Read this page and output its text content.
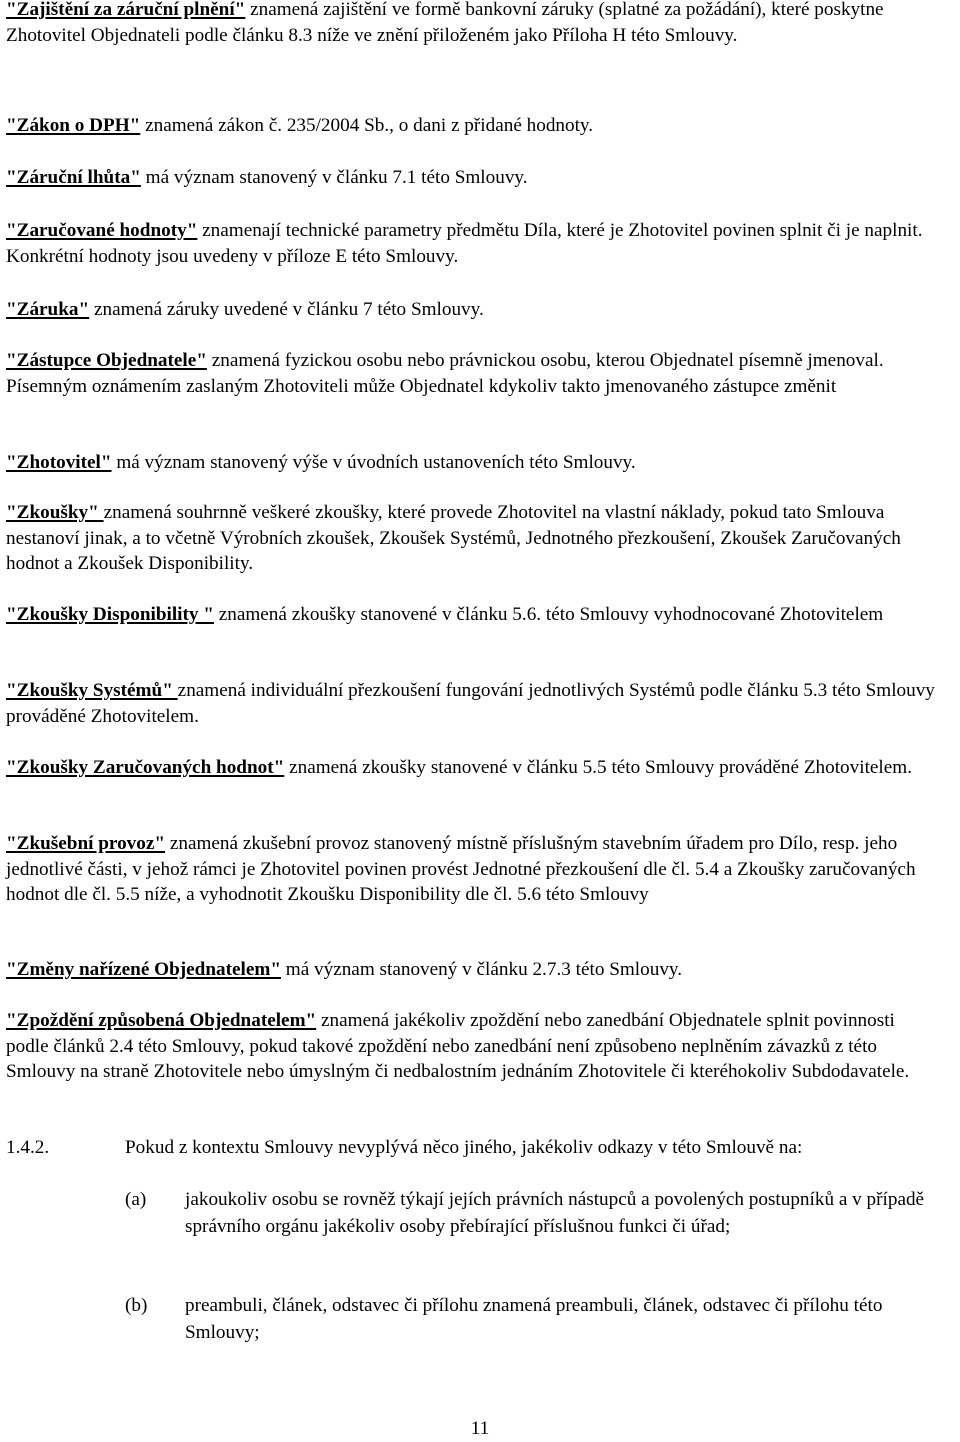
"Zajištění za záruční plnění" znamená zajištění ve formě bankovní záruky (splatné za požádání), které poskytne Zhotovitel Objednateli podle článku 8.3 níže ve znění přiloženém jako Příloha H této Smlouvy.

"Zákon o DPH" znamená zákon č. 235/2004 Sb., o dani z přidané hodnoty.

"Záruční lhůta" má význam stanovený v článku 7.1 této Smlouvy.

"Zaručované hodnoty" znamenají technické parametry předmětu Díla, které je Zhotovitel povinen splnit či je naplnit. Konkrétní hodnoty jsou uvedeny v příloze E této Smlouvy.

"Záruka" znamená záruky uvedené v článku 7 této Smlouvy.

"Zástupce Objednatele" znamená fyzickou osobu nebo právnickou osobu, kterou Objednatel písemně jmenoval. Písemným oznámením zaslaným Zhotoviteli může Objednatel kdykoliv takto jmenovaného zástupce změnit

"Zhotovitel" má význam stanovený výše v úvodních ustanoveních této Smlouvy.

"Zkoušky" znamená souhrnně veškeré zkoušky, které provede Zhotovitel na vlastní náklady, pokud tato Smlouva nestanoví jinak, a to včetně Výrobních zkoušek, Zkoušek Systémů, Jednotného přezkoušení, Zkoušek Zaručovaných hodnot a Zkoušek Disponibility.

"Zkoušky Disponibility " znamená zkoušky stanovené v článku 5.6. této Smlouvy vyhodnocované Zhotovitelem

"Zkoušky Systémů" znamená individuální přezkoušení fungování jednotlivých Systémů podle článku 5.3 této Smlouvy prováděné Zhotovitelem.

"Zkoušky Zaručovaných hodnot" znamená zkoušky stanovené v článku 5.5 této Smlouvy prováděné Zhotovitelem.

"Zkušební provoz" znamená zkušební provoz stanovený místně příslušným stavebním úřadem pro Dílo, resp. jeho jednotlivé části, v jehož rámci je Zhotovitel povinen provést Jednotné přezkoušení dle čl. 5.4 a Zkoušky zaručovaných hodnot dle čl. 5.5 níže, a vyhodnotit Zkoušku Disponibility dle čl. 5.6 této Smlouvy

"Změny nařízené Objednatelem" má význam stanovený v článku 2.7.3 této Smlouvy.

"Zpoždění způsobená Objednatelem" znamená jakékoliv zpoždění nebo zanedbání Objednatele splnit povinnosti podle článků 2.4 této Smlouvy, pokud takové zpoždění nebo zanedbání není způsobeno neplněním závazků z této Smlouvy na straně Zhotovitele nebo úmyslným či nedbalostním jednáním Zhotovitele či kteréhokoliv Subdodavatele.

1.4.2.	Pokud z kontextu Smlouvy nevyplývá něco jiného, jakékoliv odkazy v této Smlouvě na:
(a) jakoukoliv osobu se rovněž týkají jejích právních nástupců a povolených postupníků a v případě správního orgánu jakékoliv osoby přebírající příslušnou funkci či úřad;
(b) preambuli, článek, odstavec či přílohu znamená preambuli, článek, odstavec či přílohu této Smlouvy;
11
